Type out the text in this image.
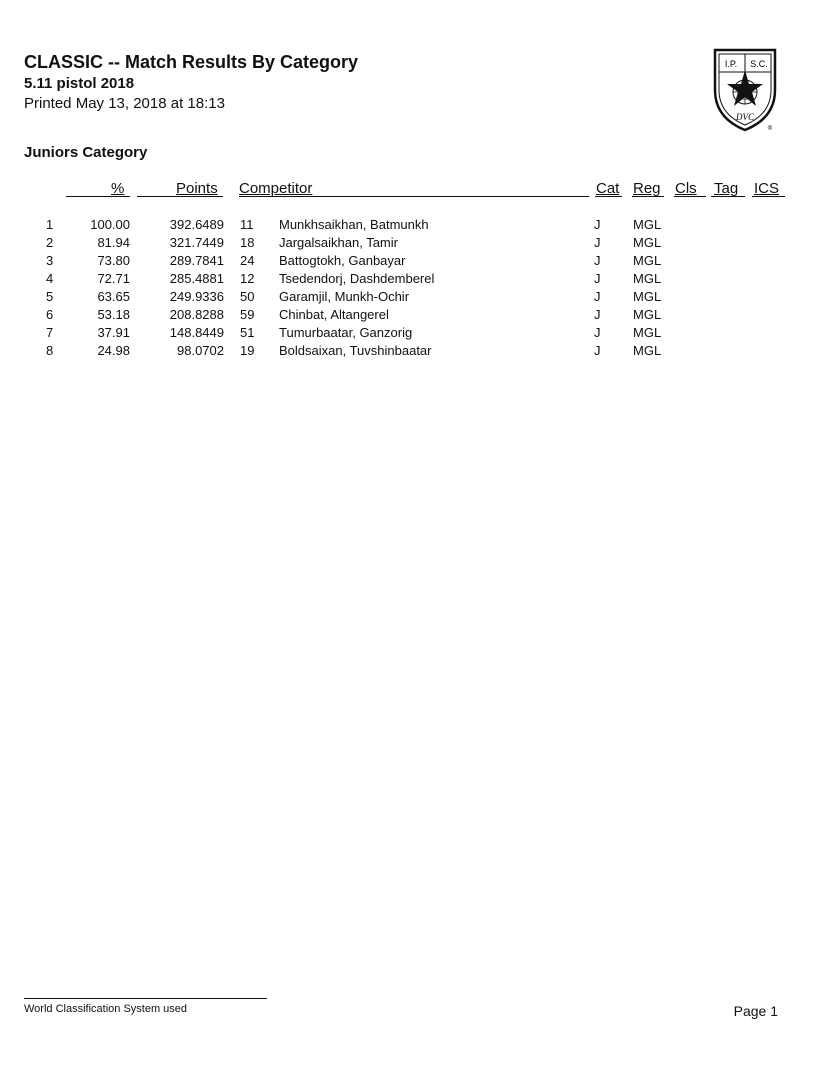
CLASSIC -- Match Results By Category
5.11 pistol 2018
Printed May 13, 2018 at 18:13
I.P. S.C.
DVC
®
Juniors Category
%	Points Competitor	Cat Reg Cls Tag ICS
1	100.00	392.6489 11 Munkhsaikhan, Batmunkh	J	MGL
2	81.94	321.7449 18 Jargalsaikhan, Tamir	J	MGL
3	73.80	289.7841 24 Battogtokh, Ganbayar	J	MGL
4	72.71	285.4881 12 Tsedendorj, Dashdemberel	J	MGL
5	63.65	249.9336 50 Garamjil, Munkh-Ochir	J	MGL
6	53.18	208.8288 59 Chinbat, Altangerel	J	MGL
7	37.91	148.8449 51 Tumurbaatar, Ganzorig	J	MGL
8	24.98	98.0702 19 Boldsaixan, Tuvshinbaatar	J	MGL
World Classification System used	Page 1
